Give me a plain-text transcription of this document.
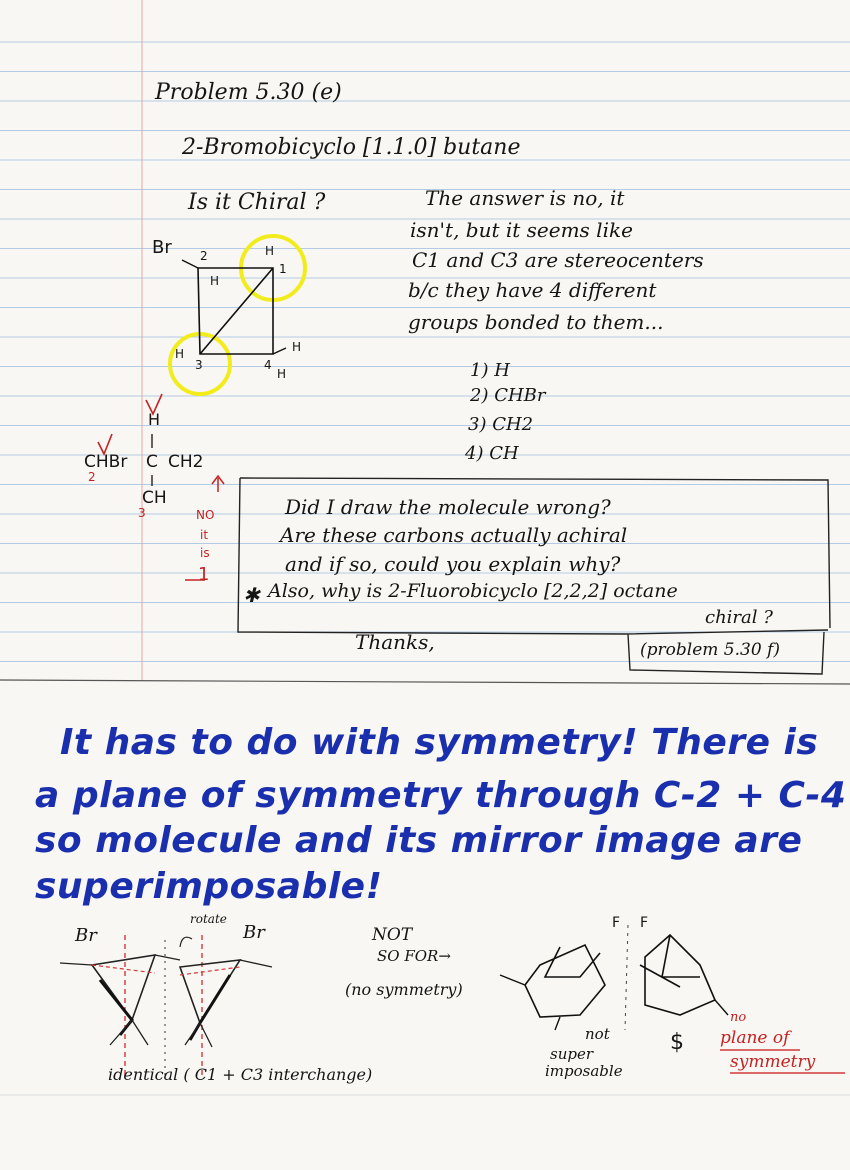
Problem 5.30 (e)
2-Bromobicyclo [1.1.0] butane
Is it Chiral ?	The answer is no, it
isn't, but it seems like
C1 and C3 are stereocenters
b/c they have 4 different
groups bonded to them...
Br 2
1
3	4
H
H
H
H
H
1) H
2) CHBr
3) CH2
4) CH
H
CHBr C CH2
CH
2
3	NO
it
is
1
Did I draw the molecule wrong?
Are these carbons actually achiral
and if so, could you explain why?
✱ Also, why is 2-Fluorobicyclo [2,2,2] octane
chiral ?
Thanks,	(problem 5.30 f)
It has to do with symmetry! There is
a plane of symmetry through C-2 + C-4
so molecule and its mirror image are
superimposable!
rotate
Br	Br
identical ( C1 + C3 interchange)
NOT
SO FOR→
(no symmetry)
F F
not
super
imposable
$
no
plane of
symmetry
